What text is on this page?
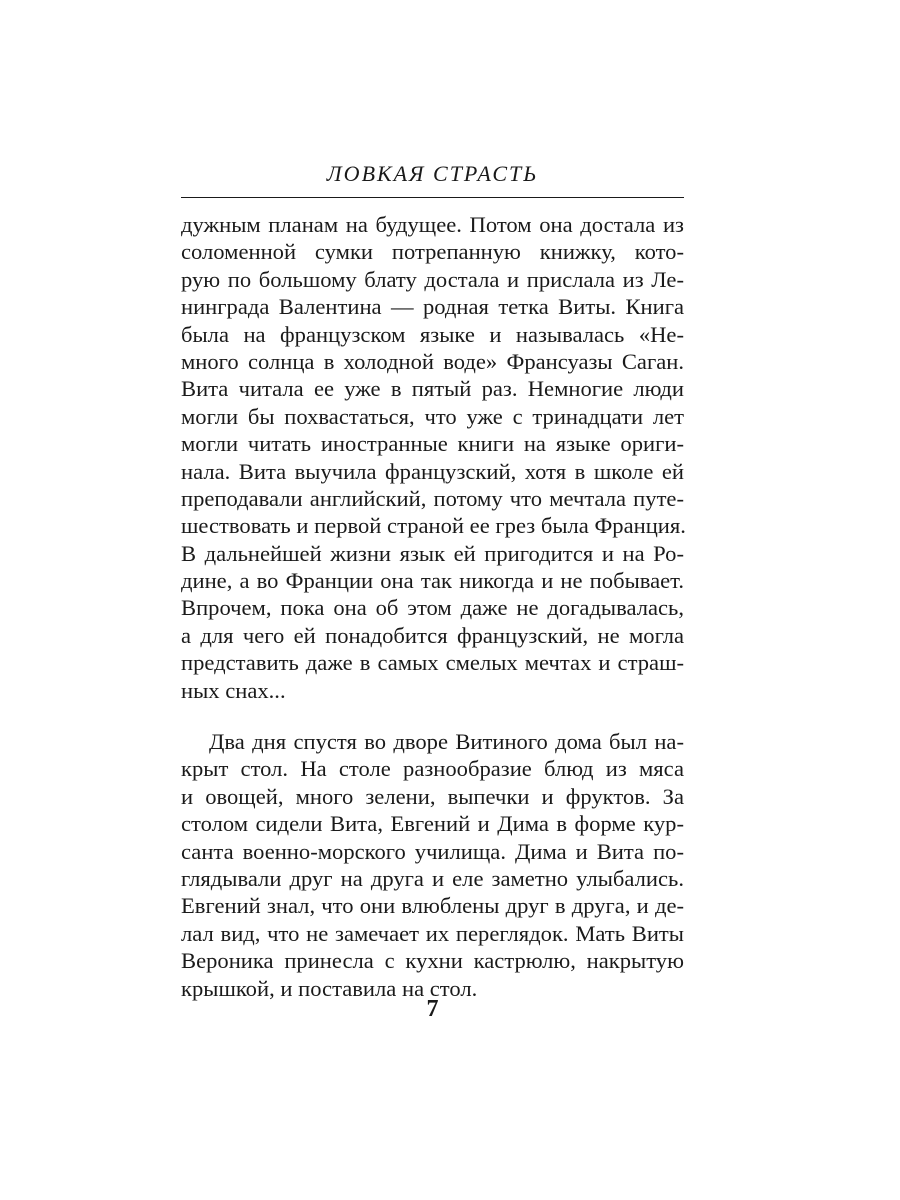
ЛОВКАЯ СТРАСТЬ
дужным планам на будущее. Потом она достала из
соломенной сумки потрепанную книжку, кото-
рую по большому блату достала и прислала из Ле-
нинграда Валентина — родная тетка Виты. Книга
была на французском языке и называлась «Не-
много солнца в холодной воде» Франсуазы Саган.
Вита читала ее уже в пятый раз. Немногие люди
могли бы похвастаться, что уже с тринадцати лет
могли читать иностранные книги на языке ориги-
нала. Вита выучила французский, хотя в школе ей
преподавали английский, потому что мечтала путе-
шествовать и первой страной ее грез была Франция.
В дальнейшей жизни язык ей пригодится и на Ро-
дине, а во Франции она так никогда и не побывает.
Впрочем, пока она об этом даже не догадывалась,
а для чего ей понадобится французский, не могла
представить даже в самых смелых мечтах и страш-
ных снах...
Два дня спустя во дворе Витиного дома был на-
крыт стол. На столе разнообразие блюд из мяса
и овощей, много зелени, выпечки и фруктов. За
столом сидели Вита, Евгений и Дима в форме кур-
санта военно-морского училища. Дима и Вита по-
глядывали друг на друга и еле заметно улыбались.
Евгений знал, что они влюблены друг в друга, и де-
лал вид, что не замечает их переглядок. Мать Виты
Вероника принесла с кухни кастрюлю, накрытую
крышкой, и поставила на стол.
7
